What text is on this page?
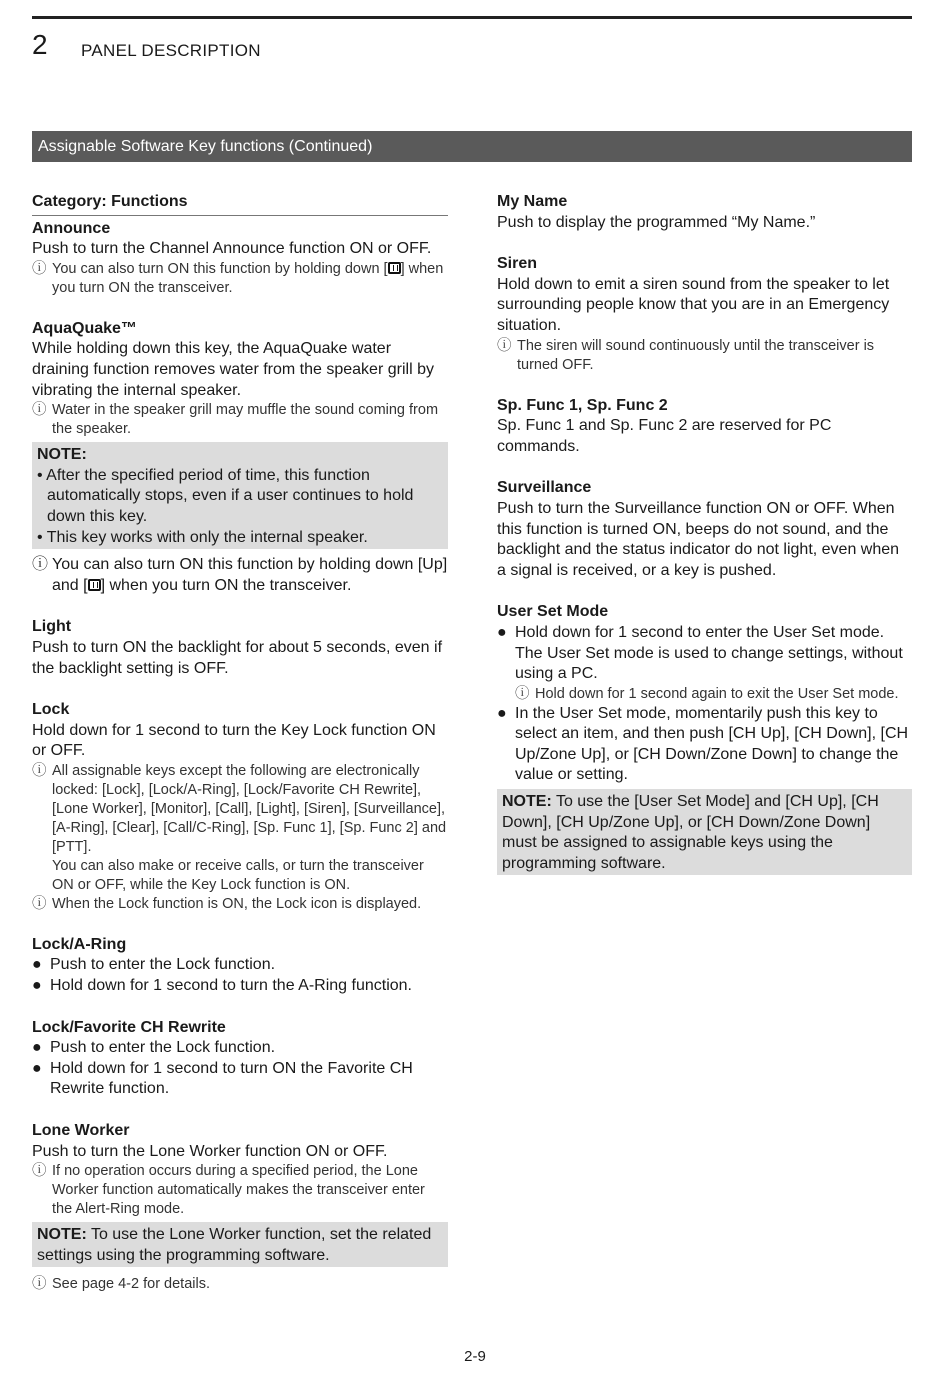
2 PANEL DESCRIPTION
Assignable Software Key functions (Continued)
Category: Functions
Announce
Push to turn the Channel Announce function ON or OFF.
ⓘ You can also turn ON this function by holding down [ ] when you turn ON the transceiver.
AquaQuake™
While holding down this key, the AquaQuake water draining function removes water from the speaker grill by vibrating the internal speaker.
ⓘ Water in the speaker grill may muffle the sound coming from the speaker.
NOTE:
• After the specified period of time, this function automatically stops, even if a user continues to hold down this key.
• This key works with only the internal speaker.
ⓘ You can also turn ON this function by holding down [Up] and [ ] when you turn ON the transceiver.
Light
Push to turn ON the backlight for about 5 seconds, even if the backlight setting is OFF.
Lock
Hold down for 1 second to turn the Key Lock function ON or OFF.
ⓘ All assignable keys except the following are electronically locked: [Lock], [Lock/A-Ring], [Lock/Favorite CH Rewrite], [Lone Worker], [Monitor], [Call], [Light], [Siren], [Surveillance], [A-Ring], [Clear], [Call/C-Ring], [Sp. Func 1], [Sp. Func 2] and [PTT].
You can also make or receive calls, or turn the transceiver ON or OFF, while the Key Lock function is ON.
ⓘ When the Lock function is ON, the Lock icon is displayed.
Lock/A-Ring
● Push to enter the Lock function.
● Hold down for 1 second to turn the A-Ring function.
Lock/Favorite CH Rewrite
● Push to enter the Lock function.
● Hold down for 1 second to turn ON the Favorite CH Rewrite function.
Lone Worker
Push to turn the Lone Worker function ON or OFF.
ⓘ If no operation occurs during a specified period, the Lone Worker function automatically makes the transceiver enter the Alert-Ring mode.
NOTE: To use the Lone Worker function, set the related settings using the programming software.
ⓘ See page 4-2 for details.
My Name
Push to display the programmed “My Name.”
Siren
Hold down to emit a siren sound from the speaker to let surrounding people know that you are in an Emergency situation.
ⓘ The siren will sound continuously until the transceiver is turned OFF.
Sp. Func 1, Sp. Func 2
Sp. Func 1 and Sp. Func 2 are reserved for PC commands.
Surveillance
Push to turn the Surveillance function ON or OFF. When this function is turned ON, beeps do not sound, and the backlight and the status indicator do not light, even when a signal is received, or a key is pushed.
User Set Mode
● Hold down for 1 second to enter the User Set mode. The User Set mode is used to change settings, without using a PC.
ⓘ Hold down for 1 second again to exit the User Set mode.
● In the User Set mode, momentarily push this key to select an item, and then push [CH Up], [CH Down], [CH Up/Zone Up], or [CH Down/Zone Down] to change the value or setting.
NOTE: To use the [User Set Mode] and [CH Up], [CH Down], [CH Up/Zone Up], or [CH Down/Zone Down] must be assigned to assignable keys using the programming software.
2-9
